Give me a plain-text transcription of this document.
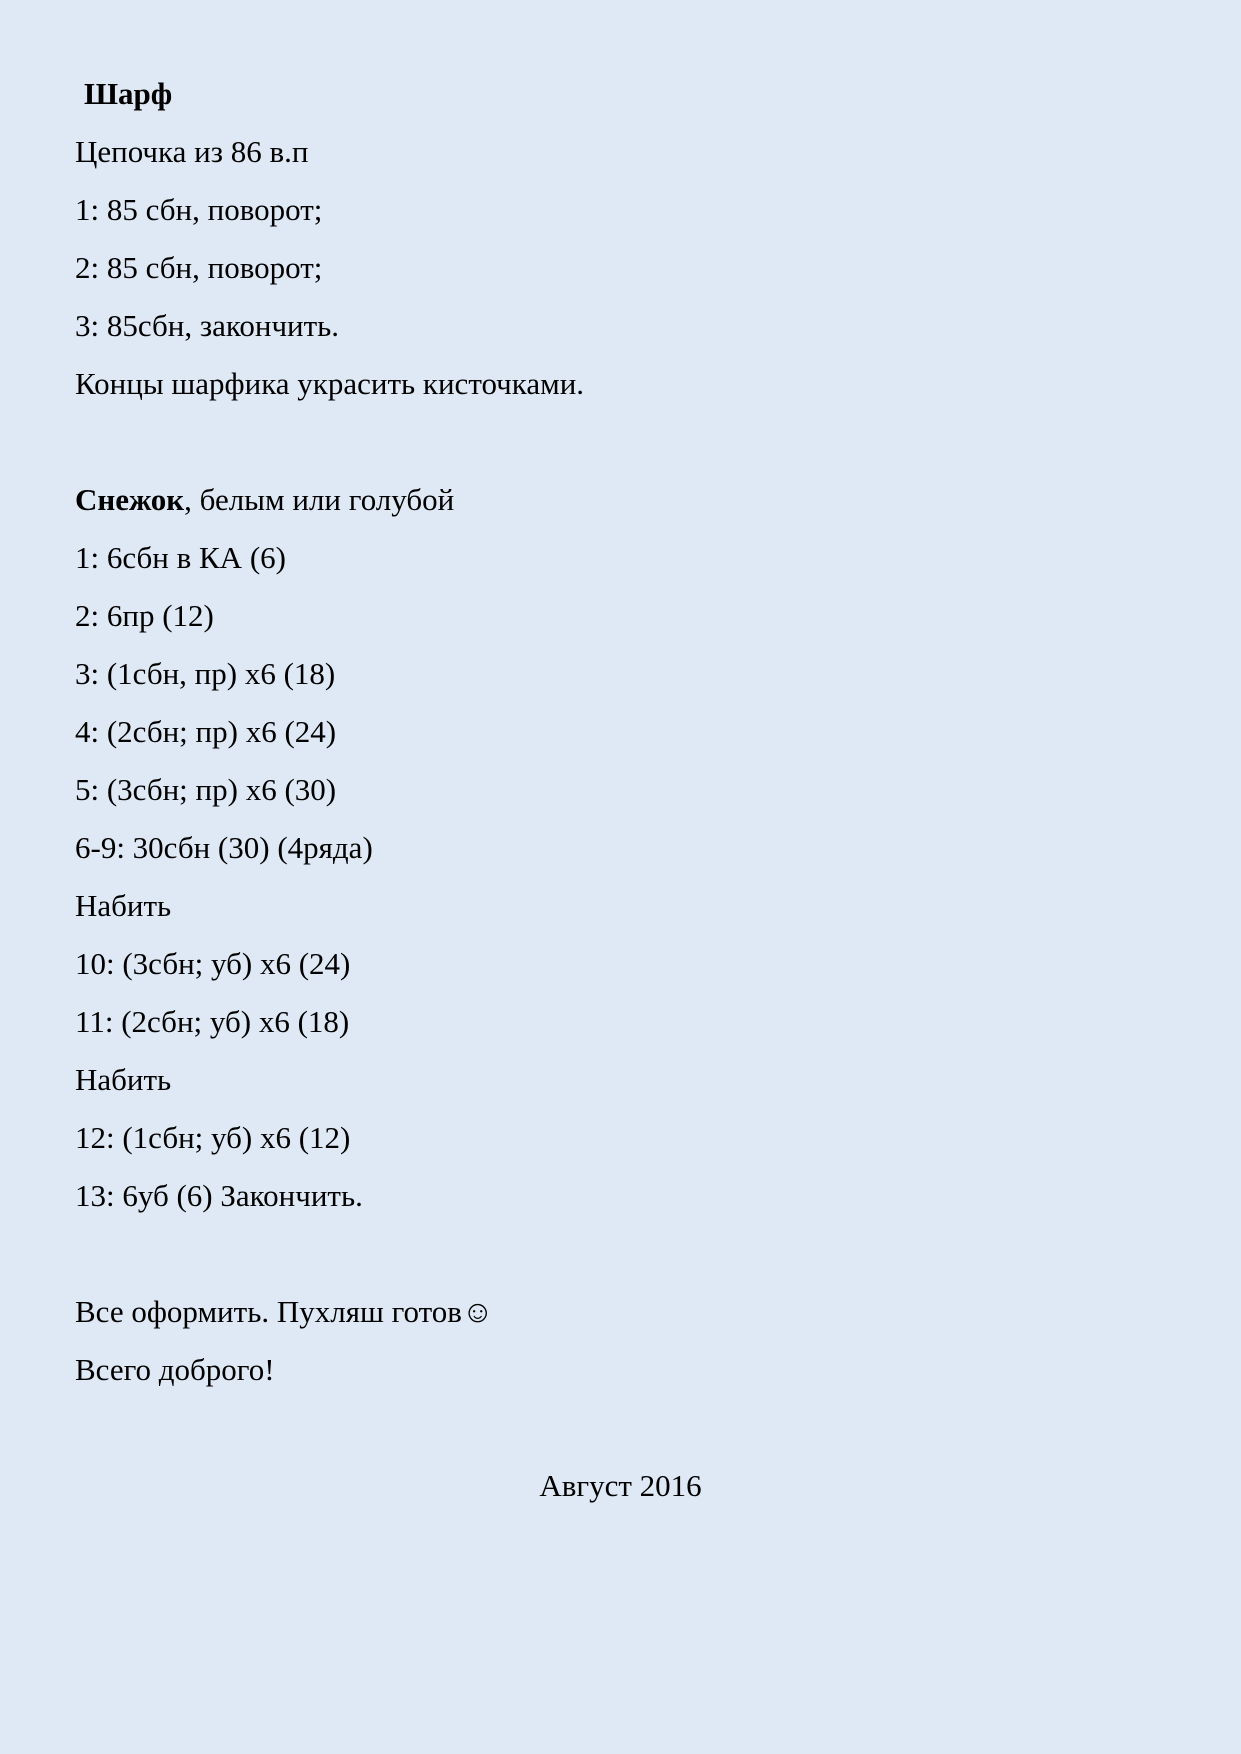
Шарф
Цепочка из 86 в.п
1: 85 сбн, поворот;
2: 85 сбн, поворот;
3: 85сбн, закончить.
Концы шарфика украсить кисточками.
Снежок, белым или голубой
1: 6сбн в КА (6)
2: 6пр (12)
3: (1сбн, пр) х6 (18)
4: (2сбн; пр) х6 (24)
5: (3сбн; пр) х6 (30)
6-9: 30сбн (30) (4ряда)
Набить
10: (3сбн; уб) х6 (24)
11: (2сбн; уб) х6 (18)
Набить
12: (1сбн; уб) х6 (12)
13: 6уб (6) Закончить.
Все оформить. Пухляш готов☺
Всего доброго!
Август 2016
